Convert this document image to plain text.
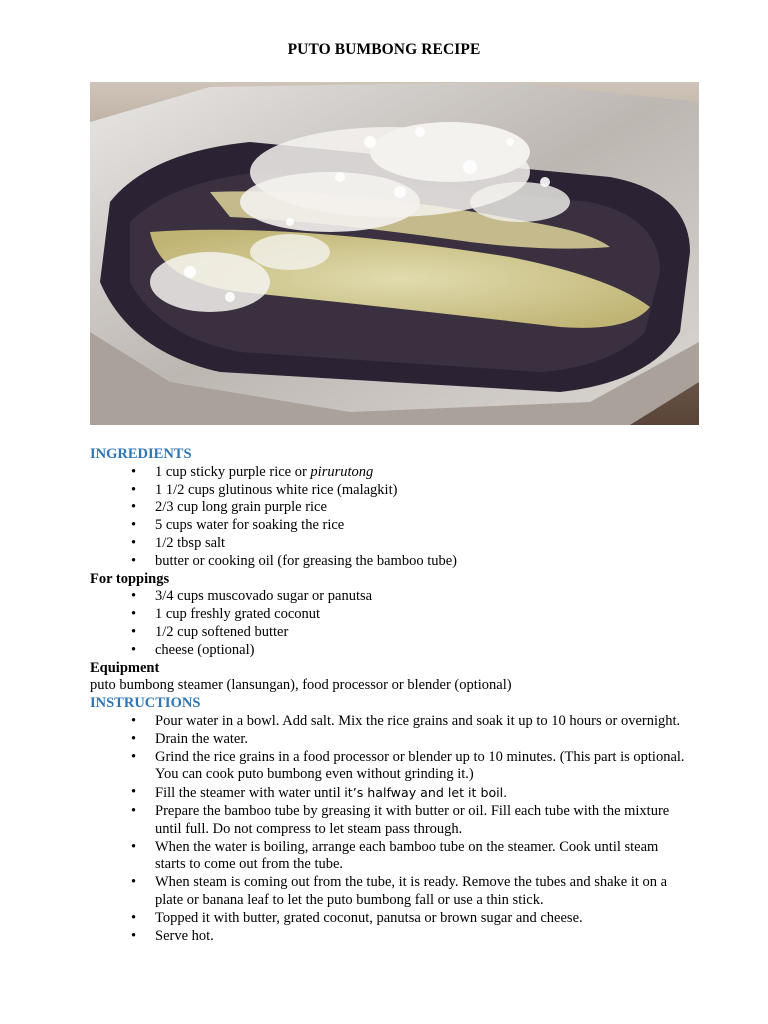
PUTO BUMBONG RECIPE
INGREDIENTS
• 1 cup sticky purple rice or pirurutong
• 1 1/2 cups glutinous white rice (malagkit)
• 2/3 cup long grain purple rice
• 5 cups water for soaking the rice
• 1/2 tbsp salt
• butter or cooking oil (for greasing the bamboo tube)
For toppings
• 3/4 cups muscovado sugar or panutsa
• 1 cup freshly grated coconut
• 1/2 cup softened butter
• cheese (optional)
Equipment

puto bumbong steamer (lansungan), food processor or blender (optional)

INSTRUCTIONS
• Pour water in a bowl. Add salt. Mix the rice grains and soak it up to 10 hours or overnight.
• Drain the water.
• Grind the rice grains in a food processor or blender up to 10 minutes. (This part is optional. You can cook puto bumbong even without grinding it.)
• Fill the steamer with water until it’s halfway and let it boil.
• Prepare the bamboo tube by greasing it with butter or oil. Fill each tube with the mixture until full. Do not compress to let steam pass through.
• When the water is boiling, arrange each bamboo tube on the steamer. Cook until steam starts to come out from the tube.
• When steam is coming out from the tube, it is ready. Remove the tubes and shake it on a plate or banana leaf to let the puto bumbong fall or use a thin stick.
• Topped it with butter, grated coconut, panutsa or brown sugar and cheese.
• Serve hot.
